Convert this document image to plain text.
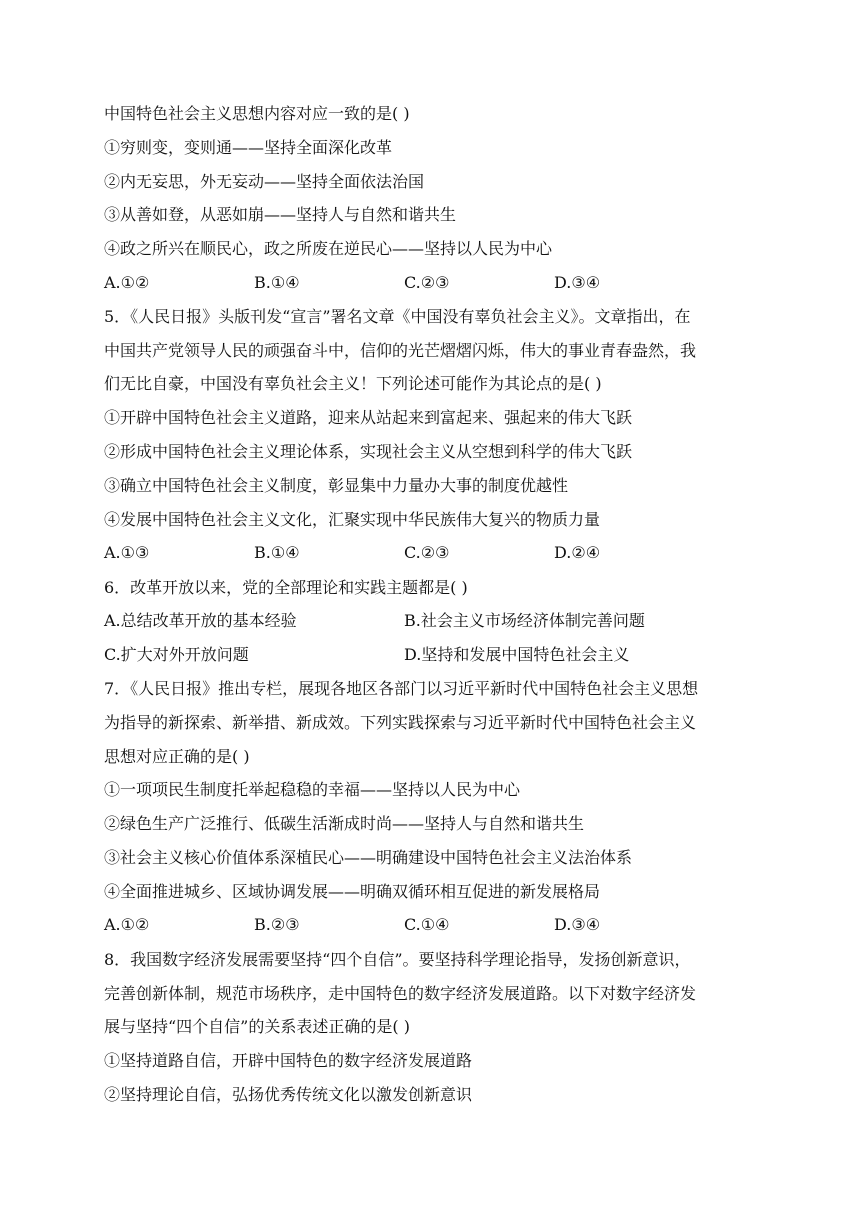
中国特色社会主义思想内容对应一致的是( )
①穷则变，变则通——坚持全面深化改革
②内无妄思，外无妄动——坚持全面依法治国
③从善如登，从恶如崩——坚持人与自然和谐共生
④政之所兴在顺民心，政之所废在逆民心——坚持以人民为中心
A.①②	B.①④	C.②③	D.③④
5．《人民日报》头版刊发“宣言”署名文章《中国没有辜负社会主义》。文章指出，在
中国共产党领导人民的顽强奋斗中，信仰的光芒熠熠闪烁，伟大的事业青春盎然，我
们无比自豪，中国没有辜负社会主义！下列论述可能作为其论点的是( )
①开辟中国特色社会主义道路，迎来从站起来到富起来、强起来的伟大飞跃
②形成中国特色社会主义理论体系，实现社会主义从空想到科学的伟大飞跃
③确立中国特色社会主义制度，彰显集中力量办大事的制度优越性
④发展中国特色社会主义文化，汇聚实现中华民族伟大复兴的物质力量
A.①③	B.①④	C.②③	D.②④
6．改革开放以来，党的全部理论和实践主题都是( )
A.总结改革开放的基本经验	B.社会主义市场经济体制完善问题
C.扩大对外开放问题	D.坚持和发展中国特色社会主义
7．《人民日报》推出专栏，展现各地区各部门以习近平新时代中国特色社会主义思想
为指导的新探索、新举措、新成效。下列实践探索与习近平新时代中国特色社会主义
思想对应正确的是( )
①一项项民生制度托举起稳稳的幸福——坚持以人民为中心
②绿色生产广泛推行、低碳生活渐成时尚——坚持人与自然和谐共生
③社会主义核心价值体系深植民心——明确建设中国特色社会主义法治体系
④全面推进城乡、区域协调发展——明确双循环相互促进的新发展格局
A.①②	B.②③	C.①④	D.③④
8．我国数字经济发展需要坚持“四个自信”。要坚持科学理论指导，发扬创新意识，
完善创新体制，规范市场秩序，走中国特色的数字经济发展道路。以下对数字经济发
展与坚持“四个自信”的关系表述正确的是( )
①坚持道路自信，开辟中国特色的数字经济发展道路
②坚持理论自信，弘扬优秀传统文化以激发创新意识
